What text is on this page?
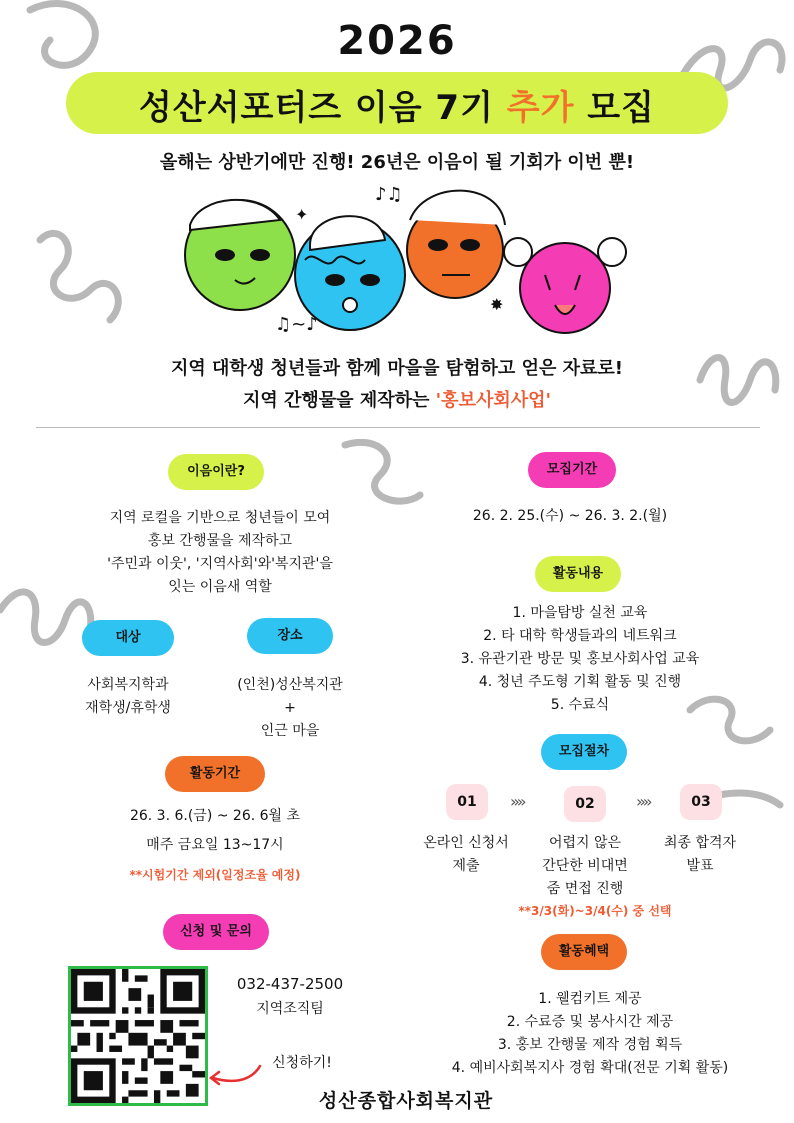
2026
성산서포터즈 이음 7기 추가 모집
올해는 상반기에만 진행! 26년은 이음이 될 기회가 이번 뿐!
♪♫
♫~♪
✦
✸
지역 대학생 청년들과 함께 마을을 탐험하고 얻은 자료로!
지역 간행물을 제작하는 '홍보사회사업'
이음이란?
지역 로컬을 기반으로 청년들이 모여
홍보 간행물을 제작하고
'주민과 이웃', '지역사회'와'복지관'을
잇는 이음새 역할
대상
사회복지학과
재학생/휴학생
장소
(인천)성산복지관
+
인근 마을
활동기간
26. 3. 6.(금) ~ 26. 6월 초
매주 금요일 13~17시
**시험기간 제외(일정조율 예정)
신청 및 문의
032-437-2500
지역조직팀
신청하기!
모집기간
26. 2. 25.(수) ~ 26. 3. 2.(월)
활동내용
1. 마을탐방 실천 교육
2. 타 대학 학생들과의 네트워크
3. 유관기관 방문 및 홍보사회사업 교육
4. 청년 주도형 기획 활동 및 진행
5. 수료식
모집절차
01	»»	02	»»	03
온라인 신청서
제출
어렵지 않은
간단한 비대면
줌 면접 진행
최종 합격자
발표
**3/3(화)~3/4(수) 중 선택
활동혜택
1. 웰컴키트 제공
2. 수료증 및 봉사시간 제공
3. 홍보 간행물 제작 경험 획득
4. 예비사회복지사 경험 확대(전문 기획 활동)
성산종합사회복지관
